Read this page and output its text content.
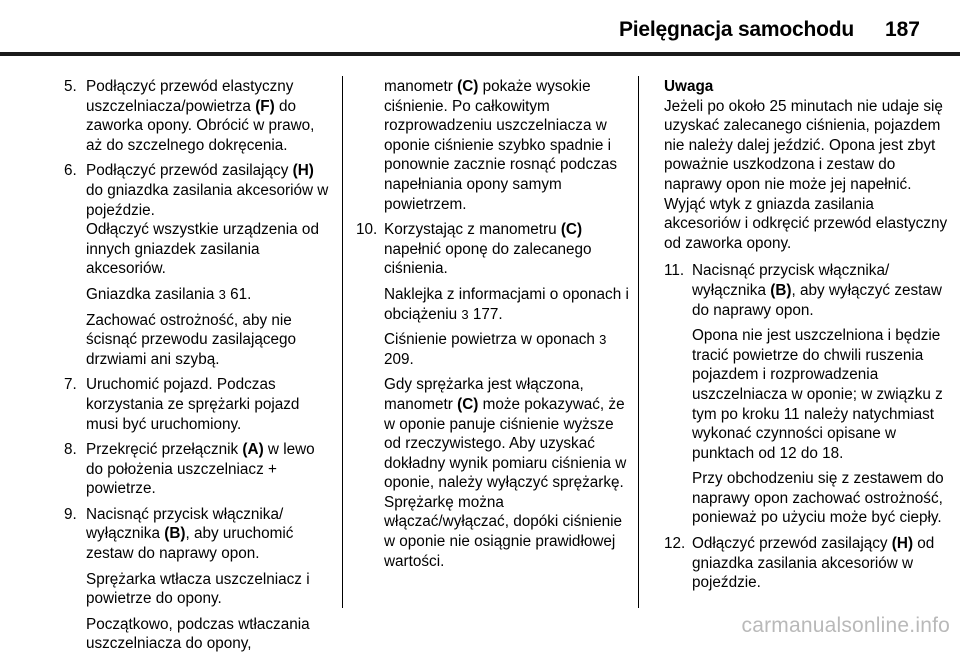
Pielęgnacja samochodu 187
5. Podłączyć przewód elastyczny uszczelniacza/powietrza (F) do zaworka opony. Obrócić w prawo, aż do szczelnego dokręcenia.
6. Podłączyć przewód zasilający (H) do gniazdka zasilania akcesoriów w pojeździe.
Odłączyć wszystkie urządzenia od innych gniazdek zasilania akcesoriów.
Gniazdka zasilania 3 61.
Zachować ostrożność, aby nie ścisnąć przewodu zasilającego drzwiami ani szybą.
7. Uruchomić pojazd. Podczas korzystania ze sprężarki pojazd musi być uruchomiony.
8. Przekręcić przełącznik (A) w lewo do położenia uszczelniacz + powietrze.
9. Nacisnąć przycisk włącznika/ wyłącznika (B), aby uruchomić zestaw do naprawy opon.
Sprężarka wtłacza uszczelniacz i powietrze do opony.
Początkowo, podczas wtłaczania uszczelniacza do opony,
manometr (C) pokaże wysokie ciśnienie. Po całkowitym rozprowadzeniu uszczelniacza w oponie ciśnienie szybko spadnie i ponownie zacznie rosnąć podczas napełniania opony samym powietrzem.
10. Korzystając z manometru (C) napełnić oponę do zalecanego ciśnienia.
Naklejka z informacjami o oponach i obciążeniu 3 177.
Ciśnienie powietrza w oponach 3 209.
Gdy sprężarka jest włączona, manometr (C) może pokazywać, że w oponie panuje ciśnienie wyższe od rzeczywistego. Aby uzyskać dokładny wynik pomiaru ciśnienia w oponie, należy wyłączyć sprężarkę. Sprężarkę można włączać/wyłączać, dopóki ciśnienie w oponie nie osiągnie prawidłowej wartości.
Uwaga
Jeżeli po około 25 minutach nie udaje się uzyskać zalecanego ciśnienia, pojazdem nie należy dalej jeździć. Opona jest zbyt poważnie uszkodzona i zestaw do naprawy opon nie może jej napełnić. Wyjąć wtyk z gniazda zasilania akcesoriów i odkręcić przewód elastyczny od zaworka opony.
11. Nacisnąć przycisk włącznika/ wyłącznika (B), aby wyłączyć zestaw do naprawy opon.
Opona nie jest uszczelniona i będzie tracić powietrze do chwili ruszenia pojazdem i rozprowadzenia uszczelniacza w oponie; w związku z tym po kroku 11 należy natychmiast wykonać czynności opisane w punktach od 12 do 18.
Przy obchodzeniu się z zestawem do naprawy opon zachować ostrożność, ponieważ po użyciu może być ciepły.
12. Odłączyć przewód zasilający (H) od gniazdka zasilania akcesoriów w pojeździe.
carmanualsonline.info
